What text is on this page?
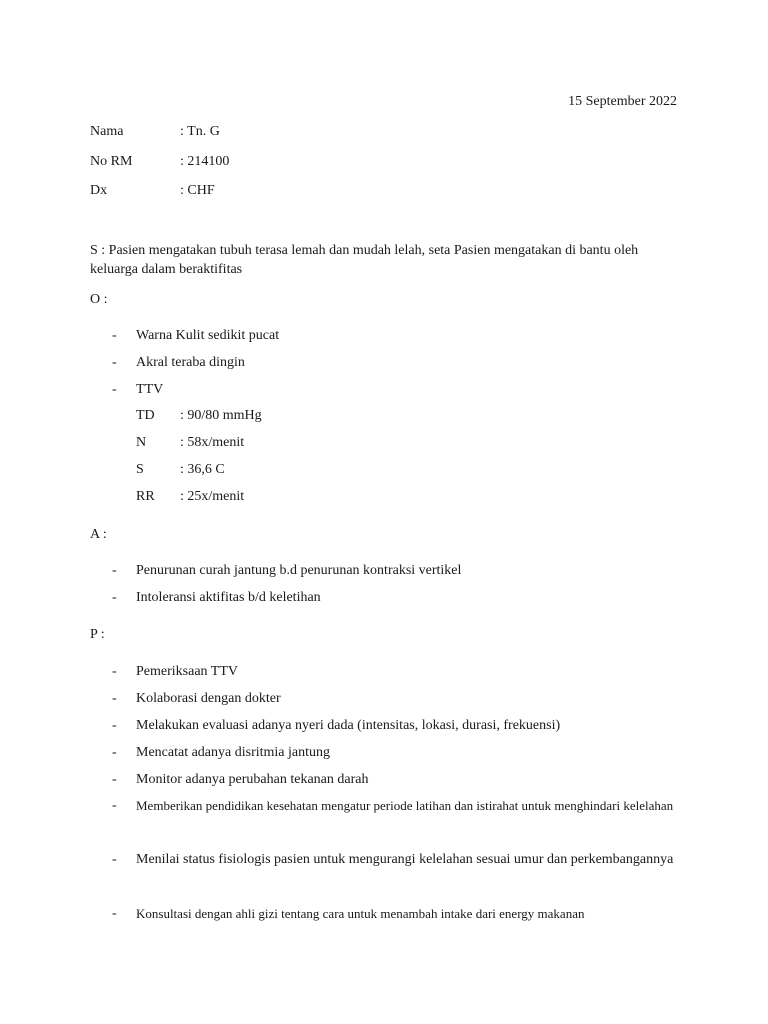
15 September 2022
Nama	: Tn. G
No RM	: 214100
Dx	: CHF
S : Pasien mengatakan tubuh terasa lemah dan mudah lelah, seta Pasien mengatakan di bantu oleh keluarga dalam beraktifitas
O :
- Warna Kulit sedikit pucat
- Akral teraba dingin
- TTV
TD : 90/80 mmHg
N : 58x/menit
S	: 36,6 C
RR : 25x/menit
A :
- Penurunan curah jantung b.d penurunan kontraksi vertikel
- Intoleransi aktifitas b/d keletihan
P :
- Pemeriksaan TTV
- Kolaborasi dengan dokter
- Melakukan evaluasi adanya nyeri dada (intensitas, lokasi, durasi, frekuensi)
- Mencatat adanya disritmia jantung
- Monitor adanya perubahan tekanan darah
- Memberikan pendidikan kesehatan mengatur periode latihan dan istirahat untuk menghindari kelelahan
- Menilai status fisiologis pasien untuk mengurangi kelelahan sesuai umur dan perkembangannya
- Konsultasi dengan ahli gizi tentang cara untuk menambah intake dari energy makanan
